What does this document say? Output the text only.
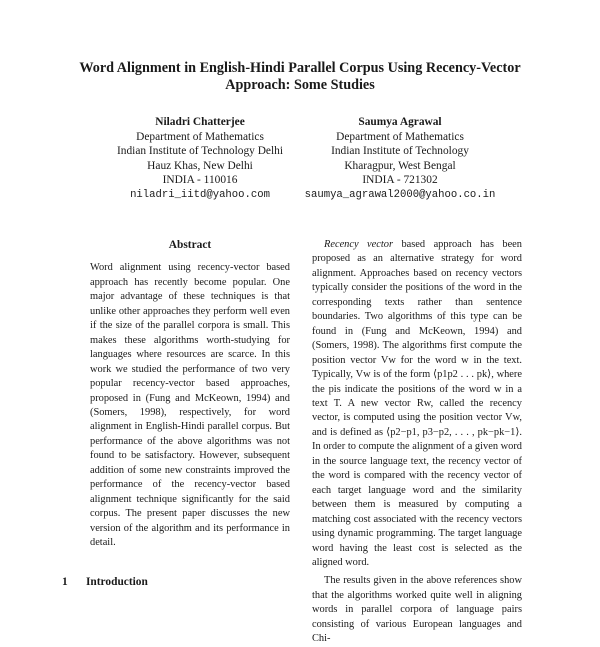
Word Alignment in English-Hindi Parallel Corpus Using Recency-Vector Approach: Some Studies
Niladri Chatterjee
Department of Mathematics
Indian Institute of Technology Delhi
Hauz Khas, New Delhi
INDIA - 110016
niladri_iitd@yahoo.com
Saumya Agrawal
Department of Mathematics
Indian Institute of Technology
Kharagpur, West Bengal
INDIA - 721302
saumya_agrawal2000@yahoo.co.in
Abstract

Word alignment using recency-vector based approach has recently become popular. One major advantage of these techniques is that unlike other approaches they perform well even if the size of the parallel corpora is small. This makes these algorithms worth-studying for languages where resources are scarce. In this work we studied the performance of two very popular recency-vector based approaches, proposed in (Fung and McKeown, 1994) and (Somers, 1998), respectively, for word alignment in English-Hindi parallel corpus. But performance of the above algorithms was not found to be satisfactory. However, subsequent addition of some new constraints improved the performance of the recency-vector based alignment technique significantly for the said corpus. The present paper discusses the new version of the algorithm and its performance in detail.

1 Introduction

Recency vector based approach has been proposed as an alternative strategy for word alignment. Approaches based on recency vectors typically consider the positions of the word in the corresponding texts rather than sentence boundaries. Two algorithms of this type can be found in (Fung and McKeown, 1994) and (Somers, 1998). The algorithms first compute the position vector Vw for the word w in the text. Typically, Vw is of the form ⟨p1p2 . . . pk⟩, where the pis indicate the positions of the word w in a text T. A new vector Rw, called the recency vector, is computed using the position vector Vw, and is defined as ⟨p2−p1, p3−p2, . . . , pk−pk−1⟩. In order to compute the alignment of a given word in the source language text, the recency vector of the word is compared with the recency vector of each target language word and the similarity between them is measured by computing a matching cost associated with the recency vectors using dynamic programming. The target language word having the least cost is selected as the aligned word.

The results given in the above references show that the algorithms worked quite well in aligning words in parallel corpora of language pairs consisting of various European languages and Chi-
